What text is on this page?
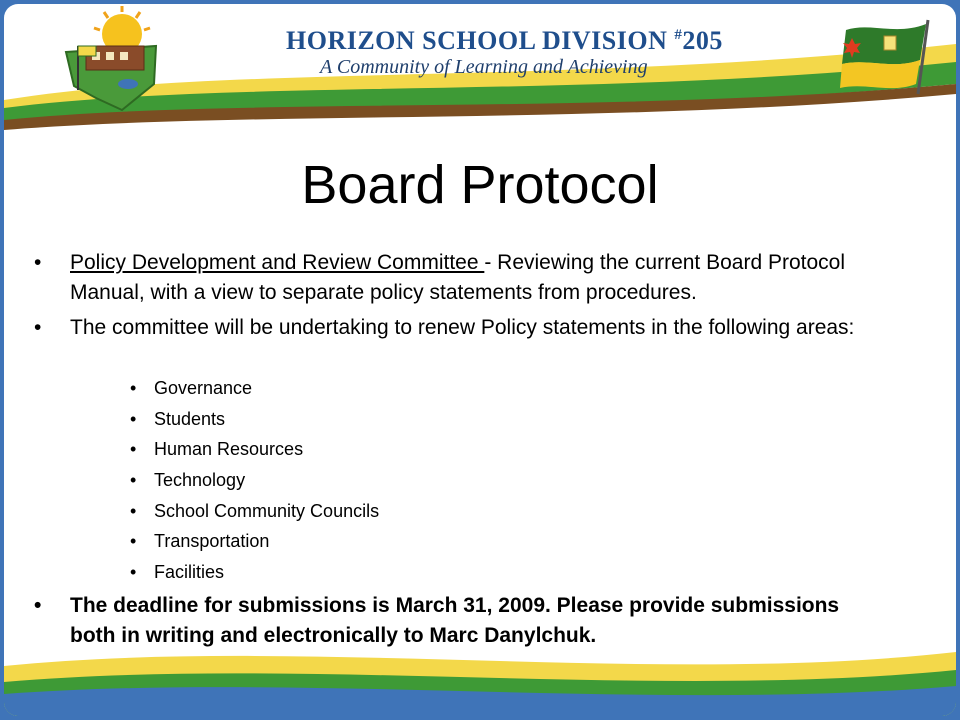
HORIZON SCHOOL DIVISION #205
A Community of Learning and Achieving
Board Protocol
• Policy Development and Review Committee - Reviewing the current Board Protocol Manual, with a view to separate policy statements from procedures.
• The committee will be undertaking to renew Policy statements in the following areas:
• Governance
• Students
• Human Resources
• Technology
• School Community Councils
• Transportation
• Facilities
• The deadline for submissions is March 31, 2009. Please provide submissions both in writing and electronically to Marc Danylchuk.
